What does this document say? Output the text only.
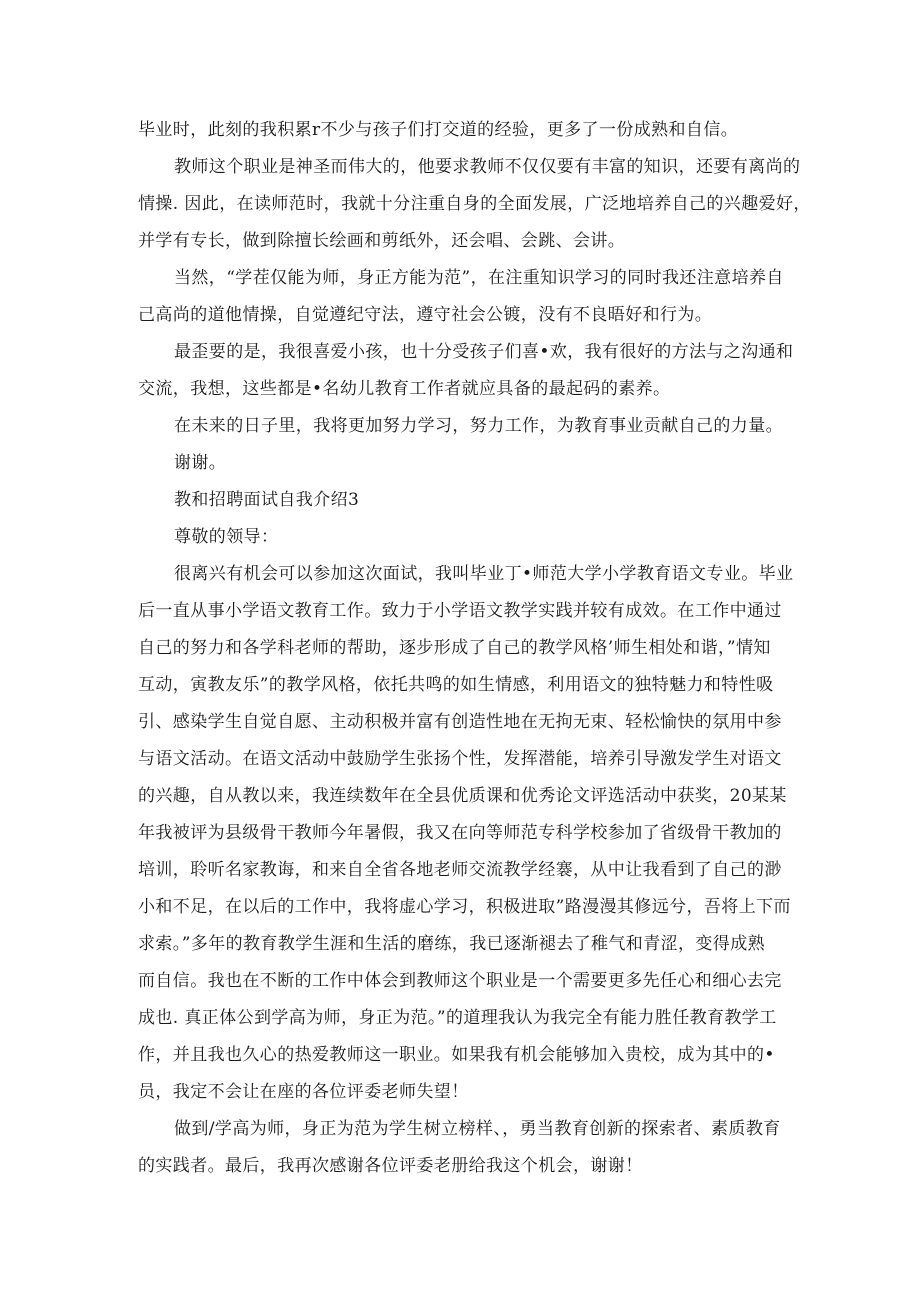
毕业时，此刻的我积累r不少与孩子们打交道的经验，更多了一份成熟和自信。
教师这个职业是神圣而伟大的，他要求教师不仅仅要有丰富的知识，还要有离尚的
情操. 因此，在读师范时，我就十分注重自身的全面发展，广泛地培养自己的兴趣爱好，
并学有专长，做到除擅长绘画和剪纸外，还会唱、会跳、会讲。
当然，“学茬仅能为师，身正方能为范”，在注重知识学习的同时我还注意培养自
己高尚的道他情操，自觉遵纪守法，遵守社会公镀，没有不良晤好和行为。
最歪要的是，我很喜爱小孩，也十分受孩子们喜•欢，我有很好的方法与之沟通和
交流，我想，这些都是•名幼儿教育工作者就应具备的最起码的素养。
在未来的日子里，我将更加努力学习，努力工作，为教育事业贡献自己的力量。
谢谢。
教和招聘面试自我介绍3
尊敬的领导：
很离兴有机会可以参加这次面试，我叫毕业丁•师范大学小学教育语文专业。毕业
后一直从事小学语文教育工作。致力于小学语文教学实践并较有成效。在工作中通过
自己的努力和各学科老师的帮助，逐步形成了自己的教学风格’师生相处和谐，”情知
互动，寅教友乐”的教学风格，依托共鸣的如生情感，利用语文的独特魅力和特性吸
引、感染学生自觉自愿、主动积极并富有创造性地在无拘无束、轻松愉快的氛用中参
与语文活动。在语文活动中鼓励学生张扬个性，发挥潜能，培养引导激发学生对语文
的兴趣，自从教以来，我连续数年在全县优质课和优秀论文评选活动中获奖，20某某
年我被评为县级骨干教师今年暑假，我又在向等师范专科学校参加了省级骨干教加的
培训，聆听名家教诲，和来自全省各地老师交流教学经褰，从中让我看到了自己的渺
小和不足，在以后的工作中，我将虚心学习，积极进取”路漫漫其修远兮，吾将上下而
求索。”多年的教育教学生涯和生活的磨练，我已逐渐褪去了稚气和青涩，变得成熟
而自信。我也在不断的工作中体会到教师这个职业是一个需要更多先任心和细心去完
成也. 真正体公到学高为师，身正为范。”的道理我认为我完全有能力胜任教育教学工
作，并且我也久心的热爱教师这一职业。如果我有机会能够加入贵校，成为其中的•
员，我定不会让在座的各位评委老师失望！
做到/学高为师，身正为范为学生树立榜样、，勇当教育创新的探索者、素质教育
的实践者。最后，我再次感谢各位评委老册给我这个机会，谢谢！
